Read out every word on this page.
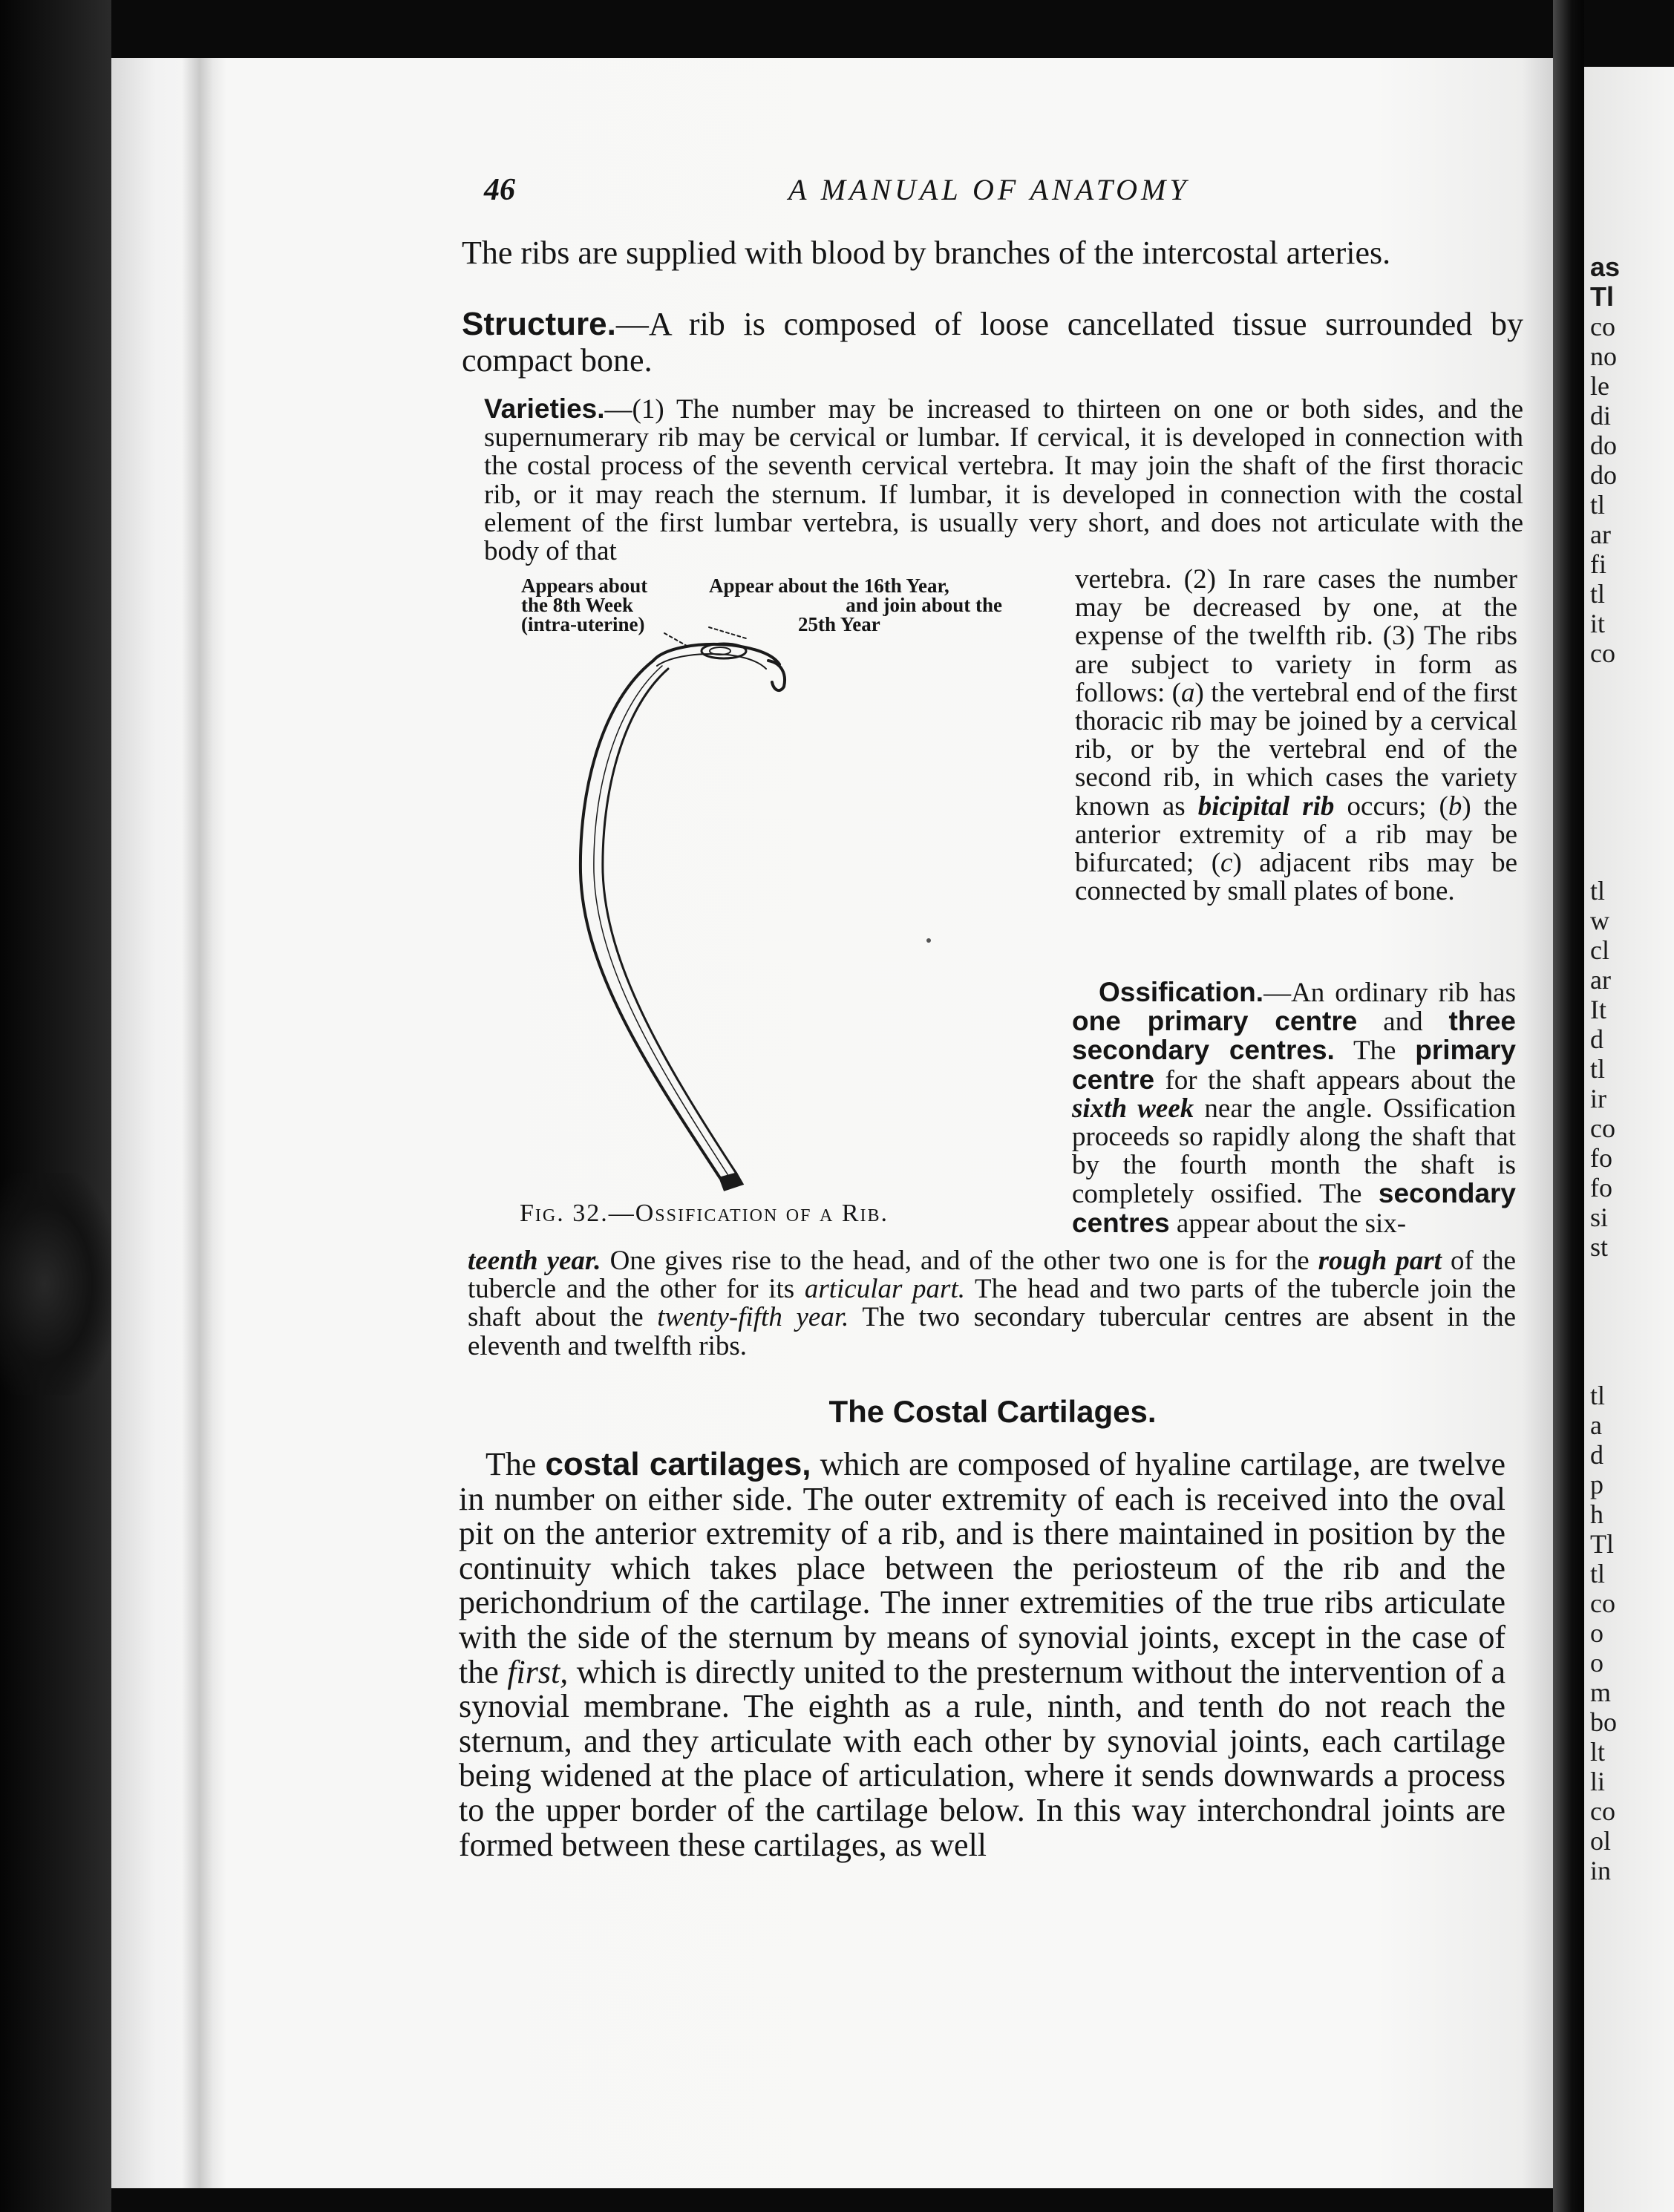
as
Tl
co
no
le
di
do
do
tl
ar
fi
tl
it
co
tl
w
cl
ar
It
d
tl
ir
co
fo
fo
si
st
tl
a
d
p
h
Tl
tl
co
o
o
m
bo
lt
li
co
ol
in
46	A MANUAL OF ANATOMY

The ribs are supplied with blood by branches of the intercostal arteries.

Structure.—A rib is composed of loose cancellated tissue surrounded by compact bone.

Varieties.—(1) The number may be increased to thirteen on one or both sides, and the supernumerary rib may be cervical or lumbar. If cervical, it is developed in connection with the costal process of the seventh cervical vertebra. It may join the shaft of the first thoracic rib, or it may reach the sternum. If lumbar, it is developed in connection with the costal element of the first lumbar vertebra, is usually very short, and does not articulate with the body of that

Appears about
the 8th Week
(intra-uterine)
Appear about the 16th Year,
and join about the
25th Year

Fig. 32.—Ossification of a Rib.

vertebra. (2) In rare cases the number may be decreased by one, at the expense of the twelfth rib. (3) The ribs are subject to variety in form as follows: (a) the vertebral end of the first thoracic rib may be joined by a cervical rib, or by the vertebral end of the second rib, in which cases the variety known as bicipital rib occurs; (b) the anterior extremity of a rib may be bifurcated; (c) adjacent ribs may be connected by small plates of bone.

Ossification.—An ordinary rib has one primary centre and three secondary centres. The primary centre for the shaft appears about the sixth week near the angle. Ossification proceeds so rapidly along the shaft that by the fourth month the shaft is completely ossified. The secondary centres appear about the six-

teenth year. One gives rise to the head, and of the other two one is for the rough part of the tubercle and the other for its articular part. The head and two parts of the tubercle join the shaft about the twenty-fifth year. The two secondary tubercular centres are absent in the eleventh and twelfth ribs.

The Costal Cartilages.

The costal cartilages, which are composed of hyaline cartilage, are twelve in number on either side. The outer extremity of each is received into the oval pit on the anterior extremity of a rib, and is there maintained in position by the continuity which takes place between the periosteum of the rib and the perichondrium of the cartilage. The inner extremities of the true ribs articulate with the side of the sternum by means of synovial joints, except in the case of the first, which is directly united to the presternum without the intervention of a synovial membrane. The eighth as a rule, ninth, and tenth do not reach the sternum, and they articulate with each other by synovial joints, each cartilage being widened at the place of articulation, where it sends downwards a process to the upper border of the cartilage below. In this way interchondral joints are formed between these cartilages, as well
